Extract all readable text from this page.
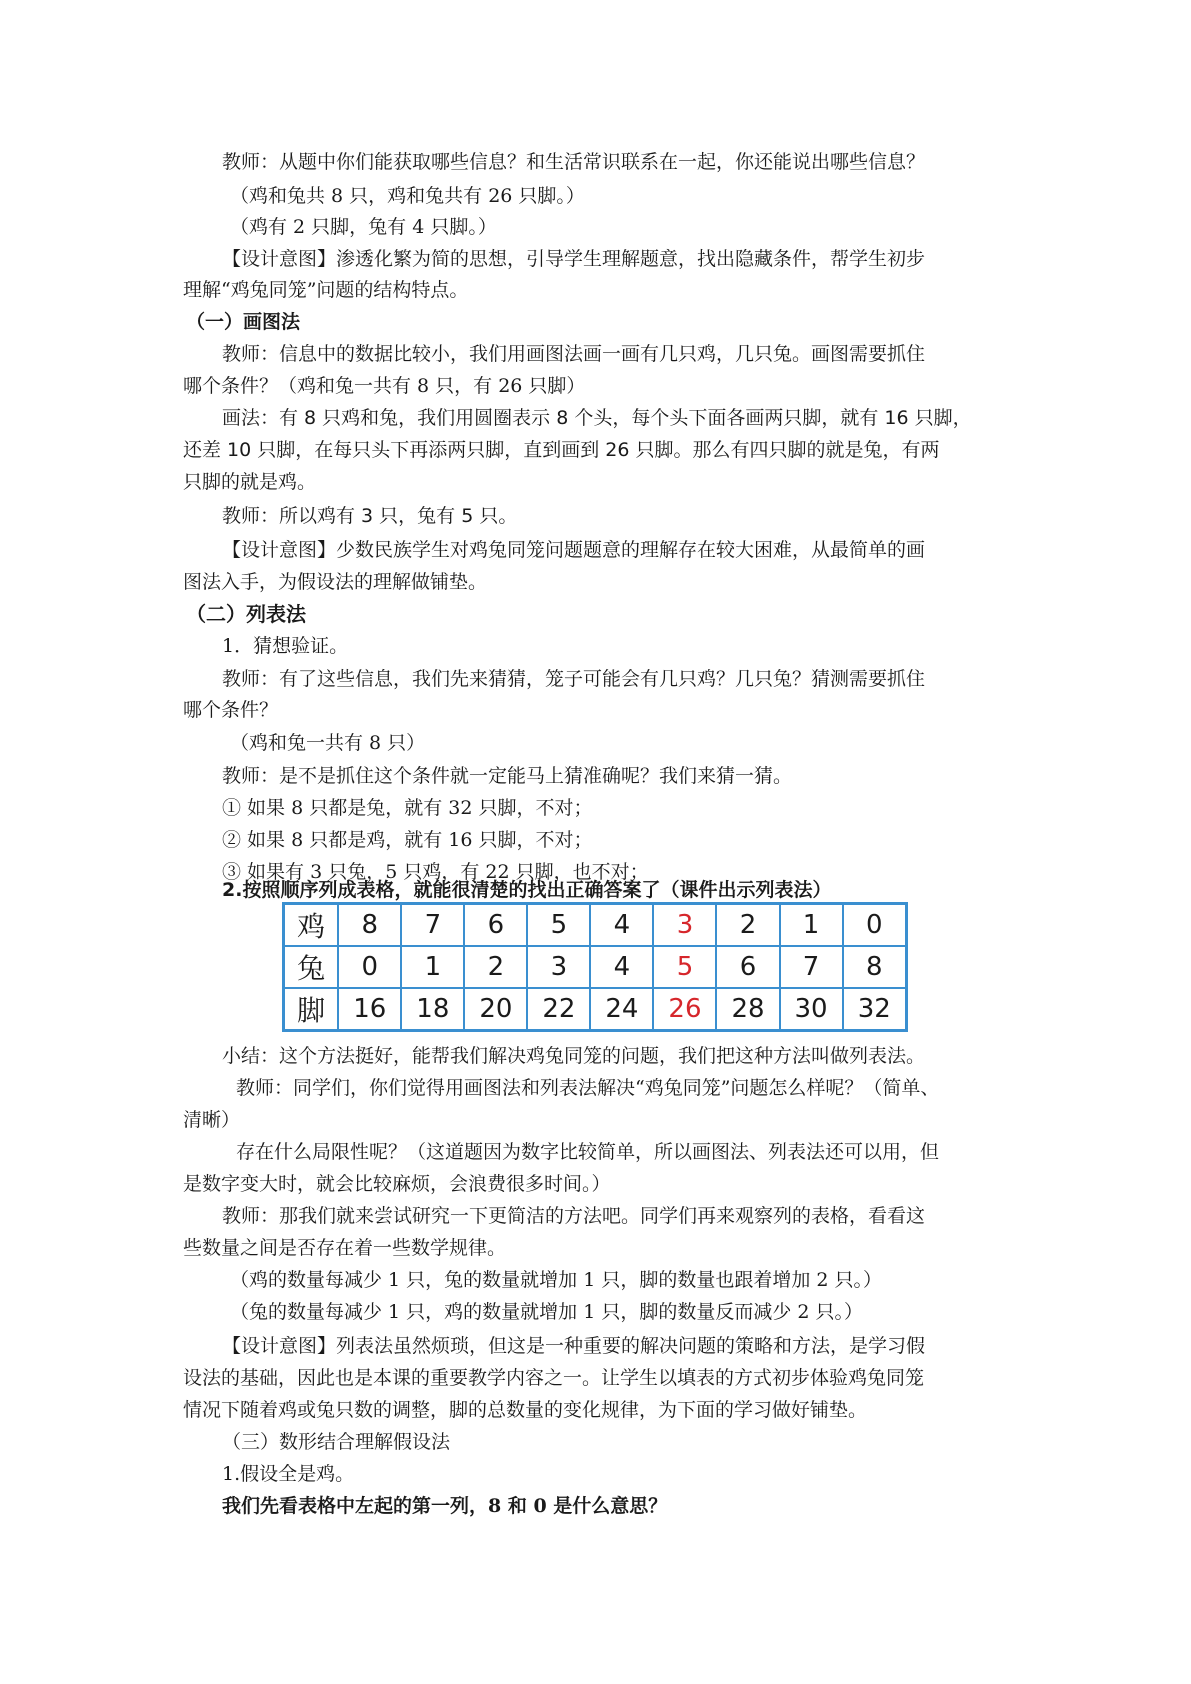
教师：从题中你们能获取哪些信息？和生活常识联系在一起，你还能说出哪些信息？
（鸡和兔共 8 只，鸡和兔共有 26 只脚。）
（鸡有 2 只脚，兔有 4 只脚。）
【设计意图】渗透化繁为简的思想，引导学生理解题意，找出隐藏条件，帮学生初步
理解“鸡兔同笼”问题的结构特点。
（一）画图法
教师：信息中的数据比较小，我们用画图法画一画有几只鸡，几只兔。画图需要抓住
哪个条件？（鸡和兔一共有 8 只，有 26 只脚）
画法：有 8 只鸡和兔，我们用圆圈表示 8 个头，每个头下面各画两只脚，就有 16 只脚，
还差 10 只脚，在每只头下再添两只脚，直到画到 26 只脚。那么有四只脚的就是兔，有两
只脚的就是鸡。
教师：所以鸡有 3 只，兔有 5 只。
【设计意图】少数民族学生对鸡兔同笼问题题意的理解存在较大困难，从最简单的画
图法入手，为假设法的理解做铺垫。
（二）列表法
1．猜想验证。
教师：有了这些信息，我们先来猜猜，笼子可能会有几只鸡？几只兔？猜测需要抓住
哪个条件？
（鸡和兔一共有 8 只）
教师：是不是抓住这个条件就一定能马上猜准确呢？我们来猜一猜。
① 如果 8 只都是兔，就有 32 只脚，不对；
② 如果 8 只都是鸡，就有 16 只脚，不对；
③ 如果有 3 只兔，5 只鸡，有 22 只脚，也不对；
2.按照顺序列成表格，就能很清楚的找出正确答案了（课件出示列表法）
鸡	8	7	6	5	4	3	2	1	0
兔	0	1	2	3	4	5	6	7	8
脚	16	18	20	22	24	26	28	30	32
小结：这个方法挺好，能帮我们解决鸡兔同笼的问题，我们把这种方法叫做列表法。
教师：同学们，你们觉得用画图法和列表法解决“鸡兔同笼”问题怎么样呢？（简单、
清晰）
存在什么局限性呢？（这道题因为数字比较简单，所以画图法、列表法还可以用，但
是数字变大时，就会比较麻烦，会浪费很多时间。）
教师：那我们就来尝试研究一下更简洁的方法吧。同学们再来观察列的表格，看看这
些数量之间是否存在着一些数学规律。
（鸡的数量每减少 1 只，兔的数量就增加 1 只，脚的数量也跟着增加 2 只。）
（兔的数量每减少 1 只，鸡的数量就增加 1 只，脚的数量反而减少 2 只。）
【设计意图】列表法虽然烦琐，但这是一种重要的解决问题的策略和方法，是学习假
设法的基础，因此也是本课的重要教学内容之一。让学生以填表的方式初步体验鸡兔同笼
情况下随着鸡或兔只数的调整，脚的总数量的变化规律，为下面的学习做好铺垫。
（三）数形结合理解假设法
1.假设全是鸡。
我们先看表格中左起的第一列，8 和 0 是什么意思？
